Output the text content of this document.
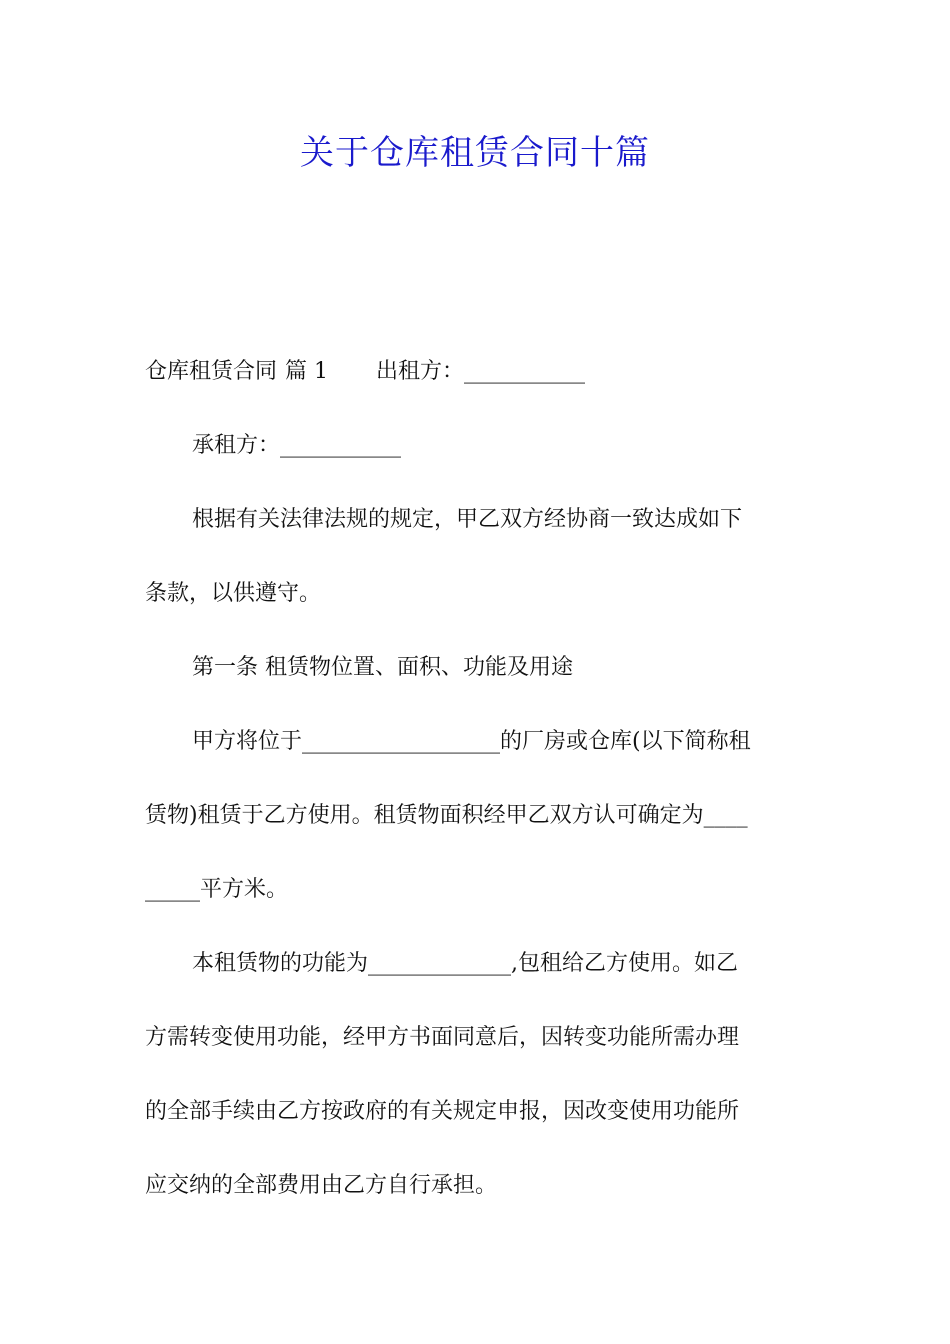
关于仓库租赁合同十篇
仓库租赁合同 篇 1 出租方：___________
承租方：___________
根据有关法律法规的规定，甲乙双方经协商一致达成如下
条款，以供遵守。
第一条 租赁物位置、面积、功能及用途
甲方将位于__________________的厂房或仓库(以下简称租
赁物)租赁于乙方使用。租赁物面积经甲乙双方认可确定为____
_____平方米。
本租赁物的功能为_____________,包租给乙方使用。如乙
方需转变使用功能，经甲方书面同意后，因转变功能所需办理
的全部手续由乙方按政府的有关规定申报，因改变使用功能所
应交纳的全部费用由乙方自行承担。
